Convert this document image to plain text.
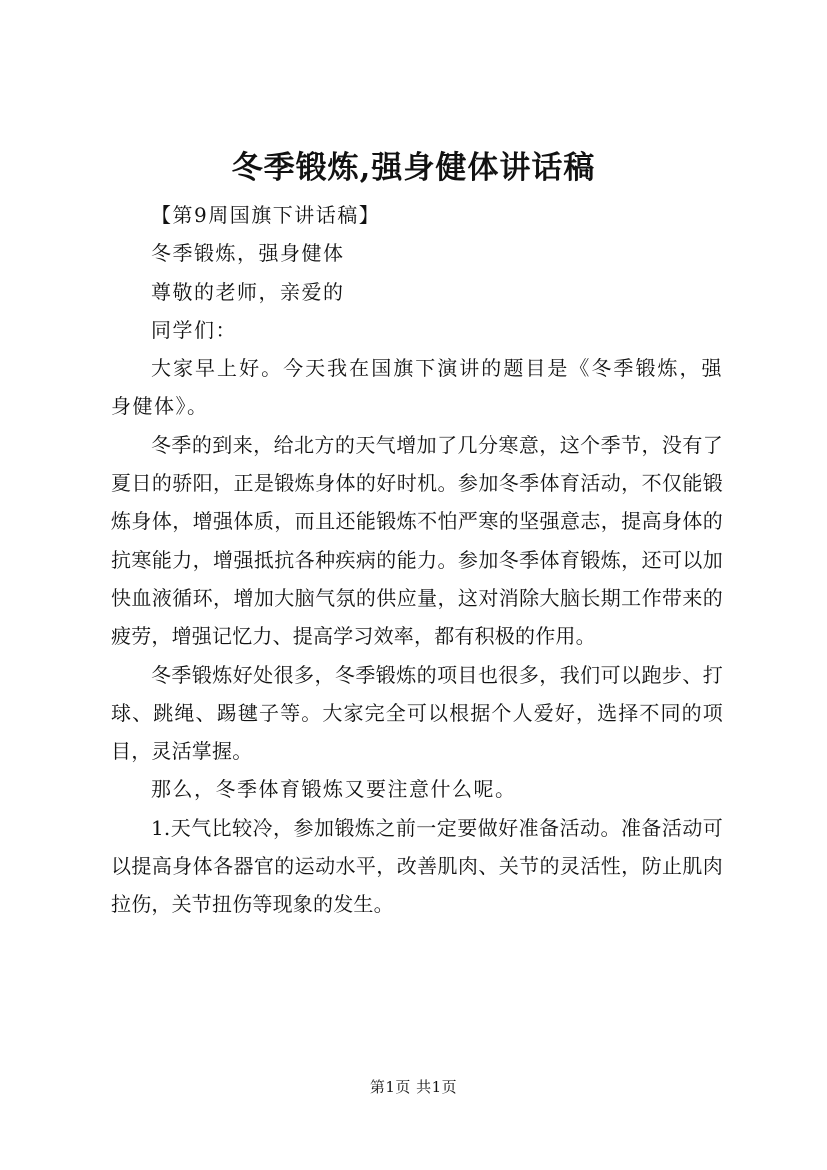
冬季锻炼,强身健体讲话稿

【第9周国旗下讲话稿】

冬季锻炼，强身健体

尊敬的老师，亲爱的

同学们：

大家早上好。今天我在国旗下演讲的题目是《冬季锻炼，强身健体》。

冬季的到来，给北方的天气增加了几分寒意，这个季节，没有了夏日的骄阳，正是锻炼身体的好时机。参加冬季体育活动，不仅能锻炼身体，增强体质，而且还能锻炼不怕严寒的坚强意志，提高身体的抗寒能力，增强抵抗各种疾病的能力。参加冬季体育锻炼，还可以加快血液循环，增加大脑气氛的供应量，这对消除大脑长期工作带来的疲劳，增强记忆力、提高学习效率，都有积极的作用。

冬季锻炼好处很多，冬季锻炼的项目也很多，我们可以跑步、打球、跳绳、踢毽子等。大家完全可以根据个人爱好，选择不同的项目，灵活掌握。

那么，冬季体育锻炼又要注意什么呢。

1.天气比较冷，参加锻炼之前一定要做好准备活动。准备活动可以提高身体各器官的运动水平，改善肌肉、关节的灵活性，防止肌肉拉伤，关节扭伤等现象的发生。

第1页 共1页
